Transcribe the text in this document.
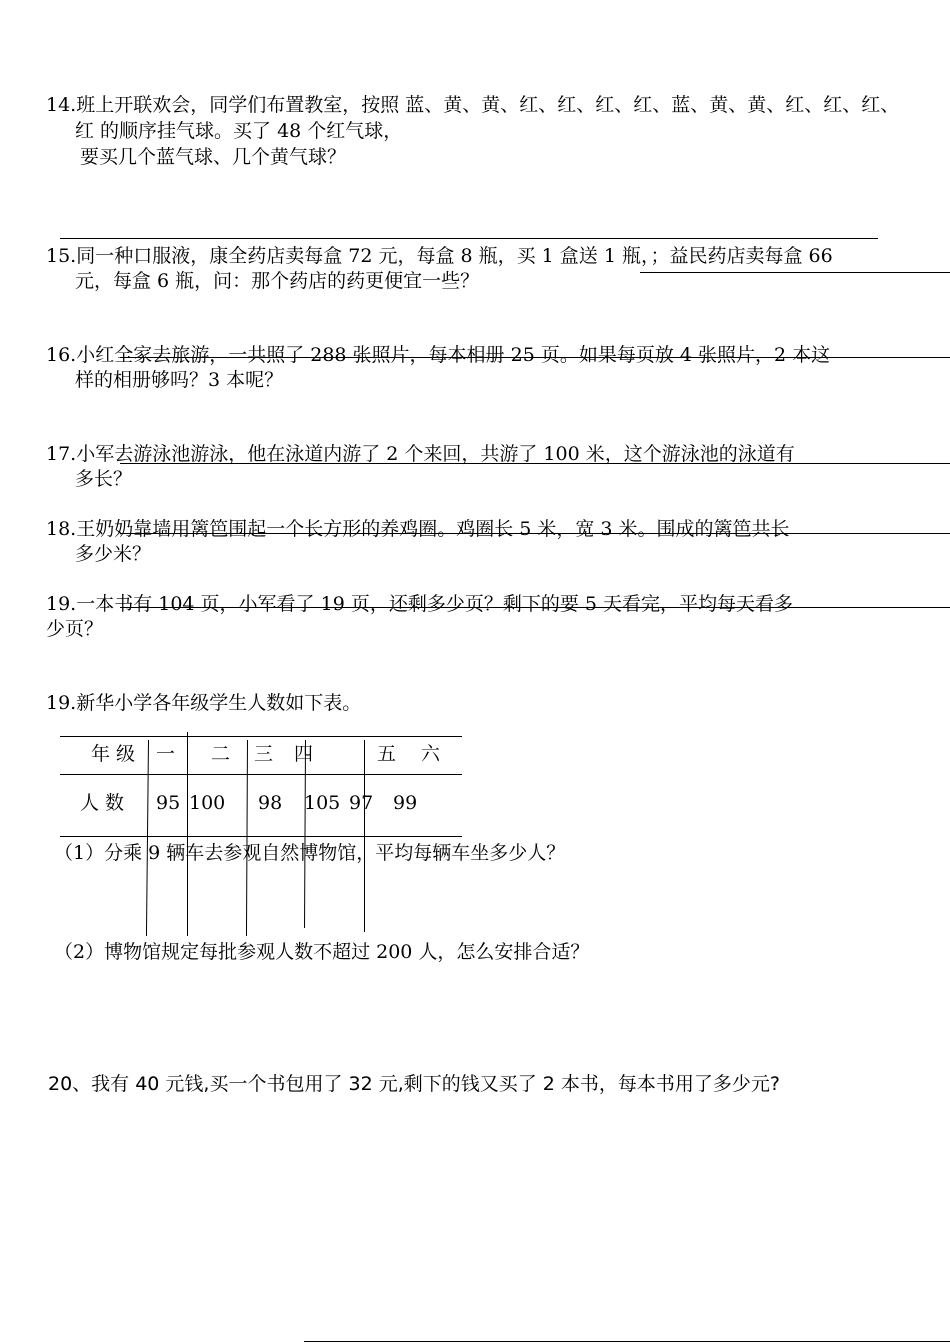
14.班上开联欢会，同学们布置教室，按照 蓝、黄、黄、红、红、红、红、蓝、黄、黄、红、红、红、
红 的顺序挂气球。买了 48 个红气球，
要买几个蓝气球、几个黄气球？
15.同一种口服液，康全药店卖每盒 72 元，每盒 8 瓶，买 1 盒送 1 瓶，；益民药店卖每盒 66
元，每盒 6 瓶，问：那个药店的药更便宜一些？
16.小红全家去旅游，一共照了 288 张照片，每本相册 25 页。如果每页放 4 张照片，2 本这
样的相册够吗？3 本呢？
17.小军去游泳池游泳，他在泳道内游了 2 个来回，共游了 100 米，这个游泳池的泳道有
多长？
18.王奶奶靠墙用篱笆围起一个长方形的养鸡圈。鸡圈长 5 米，宽 3 米。围成的篱笆共长
多少米？
19.一本书有 104 页，小军看了 19 页，还剩多少页？剩下的要 5 天看完，平均每天看多
少页？
19.新华小学各年级学生人数如下表。
年 级 一 二 三 四	五 六
人 数 95 100 98 105 97 99
（1）分乘 9 辆车去参观自然博物馆，平均每辆车坐多少人？
（2）博物馆规定每批参观人数不超过 200 人，怎么安排合适？
20、我有 40 元钱,买一个书包用了 32 元,剩下的钱又买了 2 本书，每本书用了多少元?
